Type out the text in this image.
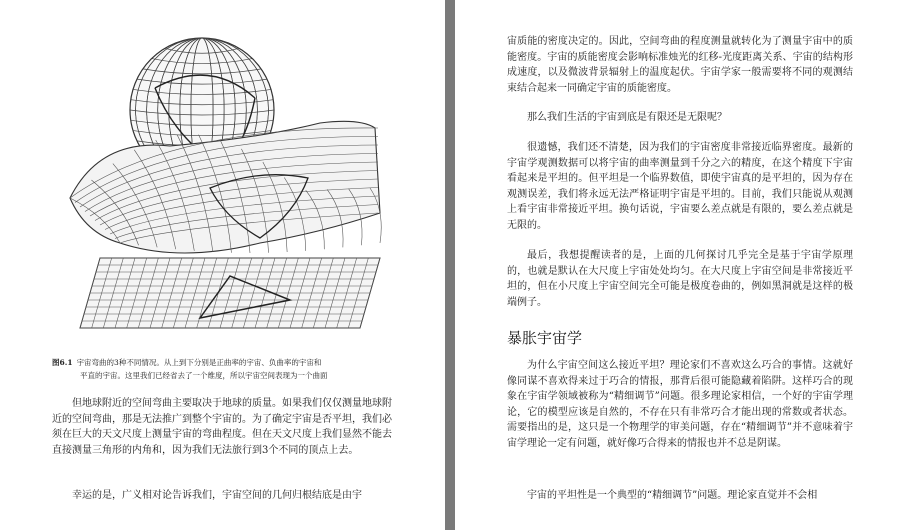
图6.1 宇宙弯曲的3种不同情况。从上到下分别是正曲率的宇宙、负曲率的宇宙和
平直的宇宙。这里我们已经省去了一个维度，所以宇宙空间表现为一个曲面

但地球附近的空间弯曲主要取决于地球的质量。如果我们仅仅测量地球附近的空间弯曲，那是无法推广到整个宇宙的。为了确定宇宙是否平坦，我们必须在巨大的天文尺度上测量宇宙的弯曲程度。但在天文尺度上我们显然不能去直接测量三角形的内角和，因为我们无法旅行到3个不同的顶点上去。

幸运的是，广义相对论告诉我们，宇宙空间的几何归根结底是由宇

宙质能的密度决定的。因此，空间弯曲的程度测量就转化为了测量宇宙中的质能密度。宇宙的质能密度会影响标准烛光的红移-光度距离关系、宇宙的结构形成速度，以及微波背景辐射上的温度起伏。宇宙学家一般需要将不同的观测结束结合起来一同确定宇宙的质能密度。

那么我们生活的宇宙到底是有限还是无限呢？

很遗憾，我们还不清楚，因为我们的宇宙密度非常接近临界密度。最新的宇宙学观测数据可以将宇宙的曲率测量到千分之六的精度，在这个精度下宇宙看起来是平坦的。但平坦是一个临界数值，即使宇宙真的是平坦的，因为存在观测误差，我们将永远无法严格证明宇宙是平坦的。目前，我们只能说从观测上看宇宙非常接近平坦。换句话说，宇宙要么差点就是有限的，要么差点就是无限的。

最后，我想提醒读者的是，上面的几何探讨几乎完全是基于宇宙学原理的，也就是默认在大尺度上宇宙处处均匀。在大尺度上宇宙空间是非常接近平坦的，但在小尺度上宇宙空间完全可能是极度卷曲的，例如黑洞就是这样的极端例子。

暴胀宇宙学

为什么宇宙空间这么接近平坦？理论家们不喜欢这么巧合的事情。这就好像同谋不喜欢得来过于巧合的情报，那背后很可能隐藏着陷阱。这样巧合的现象在宇宙学领域被称为“精细调节”问题。很多理论家相信，一个好的宇宙学理论，它的模型应该是自然的，不存在只有非常巧合才能出现的常数或者状态。需要指出的是，这只是一个物理学的审美问题，存在“精细调节”并不意味着宇宙学理论一定有问题，就好像巧合得来的情报也并不总是阴谋。

宇宙的平坦性是一个典型的“精细调节”问题。理论家直觉并不会相
